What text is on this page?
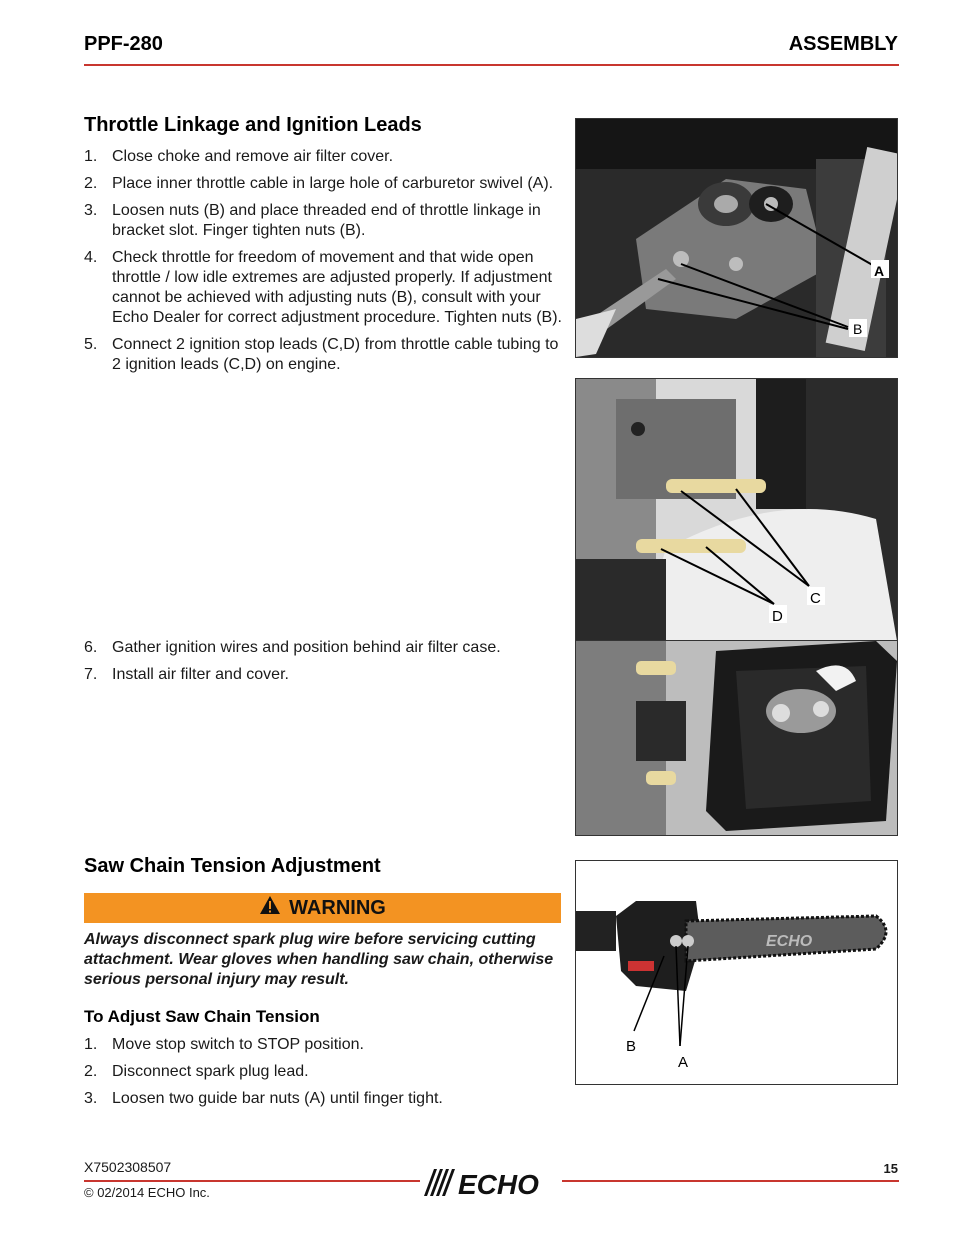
PPF-280	ASSEMBLY
Throttle Linkage and Ignition Leads
1. Close choke and remove air filter cover.
2. Place inner throttle cable in large hole of carburetor swivel (A).
3. Loosen nuts (B) and place threaded end of throttle linkage in bracket slot. Finger tighten nuts (B).
4. Check throttle for freedom of movement and that wide open throttle / low idle extremes are adjusted properly. If adjustment cannot be achieved with adjusting nuts (B), consult with your Echo Dealer for correct adjustment procedure. Tighten nuts (B).
5. Connect 2 ignition stop leads (C,D) from throttle cable tubing to 2 ignition leads (C,D) on engine.
6. Gather ignition wires and position behind air filter case.
7. Install air filter and cover.
A
B
C
D
Saw Chain Tension Adjustment
WARNING
Always disconnect spark plug wire before servicing cutting attachment. Wear gloves when handling saw chain, otherwise serious personal injury may result.
To Adjust Saw Chain Tension
1. Move stop switch to STOP position.
2. Disconnect spark plug lead.
3. Loosen two guide bar nuts (A) until finger tight.
ECHO
B
A
X7502308507
© 02/2014 ECHO Inc.
15
ECHO
